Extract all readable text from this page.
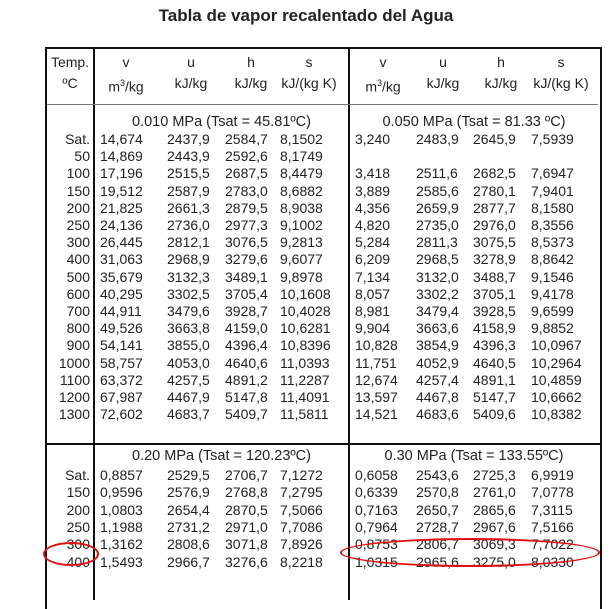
Tabla de vapor recalentado del Agua
Temp.
ºC
v
$m^3/kg$
u
kJ/kg
h
kJ/kg
s
kJ/(kg K)
v
$m^3/kg$
u
kJ/kg
h
kJ/kg
s
kJ/(kg K)
0.010 MPa (Tsat = 45.81ºC)	0.050 MPa (Tsat = 81.33 ºC)
0.20 MPa (Tsat = 120.23ºC)	0.30 MPa (Tsat = 133.55ºC)
Sat. 14,674 2437,9 2584,7 8,1502 3,240 2483,9 2645,9 7,5939
50 14,869 2443,9 2592,6 8,1749
100 17,196 2515,5 2687,5 8,4479 3,418 2511,6 2682,5 7,6947
150 19,512 2587,9 2783,0 8,6882 3,889 2585,6 2780,1 7,9401
200 21,825 2661,3 2879,5 8,9038 4,356 2659,9 2877,7 8,1580
250 24,136 2736,0 2977,3 9,1002 4,820 2735,0 2976,0 8,3556
300 26,445 2812,1 3076,5 9,2813 5,284 2811,3 3075,5 8,5373
400 31,063 2968,9 3279,6 9,6077 6,209 2968,5 3278,9 8,8642
500 35,679 3132,3 3489,1 9,8978 7,134 3132,0 3488,7 9,1546
600 40,295 3302,5 3705,4 10,1608 8,057 3302,2 3705,1 9,4178
700 44,911 3479,6 3928,7 10,4028 8,981 3479,4 3928,5 9,6599
800 49,526 3663,8 4159,0 10,6281 9,904 3663,6 4158,9 9,8852
900 54,141 3855,0 4396,4 10,8396 10,828 3854,9 4396,3 10,0967
1000 58,757 4053,0 4640,6 11,0393 11,751 4052,9 4640,5 10,2964
1100 63,372 4257,5 4891,2 11,2287 12,674 4257,4 4891,1 10,4859
1200 67,987 4467,9 5147,8 11,4091 13,597 4467,8 5147,7 10,6662
1300 72,602 4683,7 5409,7 11,5811 14,521 4683,6 5409,6 10,8382
Sat. 0,8857 2529,5 2706,7 7,1272 0,6058 2543,6 2725,3 6,9919
150 0,9596 2576,9 2768,8 7,2795 0,6339 2570,8 2761,0 7,0778
200 1,0803 2654,4 2870,5 7,5066 0,7163 2650,7 2865,6 7,3115
250 1,1988 2731,2 2971,0 7,7086 0,7964 2728,7 2967,6 7,5166
300 1,3162 2808,6 3071,8 7,8926 0,8753 2806,7 3069,3 7,7022
400 1,5493 2966,7 3276,6 8,2218 1,0315 2965,6 3275,0 8,0330
